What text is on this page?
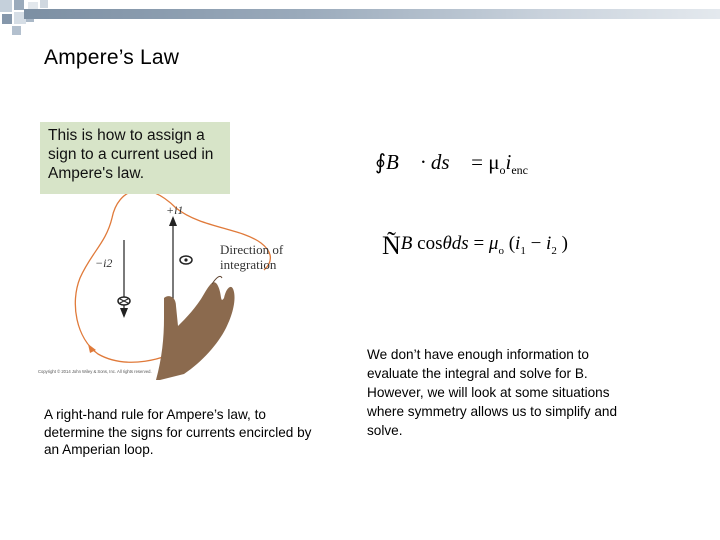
Ampere’s Law
This is how to assign a sign to a current used in Ampere's law.
+i1
−i2
Direction of integration
Copyright © 2014 John Wiley & Sons, Inc. All rights reserved.
A right-hand rule for Ampere’s law, to determine the signs for currents encircled by an Amperian loop.
∮B⃗ · ds⃗ = $\mu_oi_{enc}$
ÑB $\cos\theta ds = \mu_o$ ($i_1 - i_2$ )
We don’t have enough information to evaluate the integral and solve for B. However, we will look at some situations where symmetry allows us to simplify and solve.
